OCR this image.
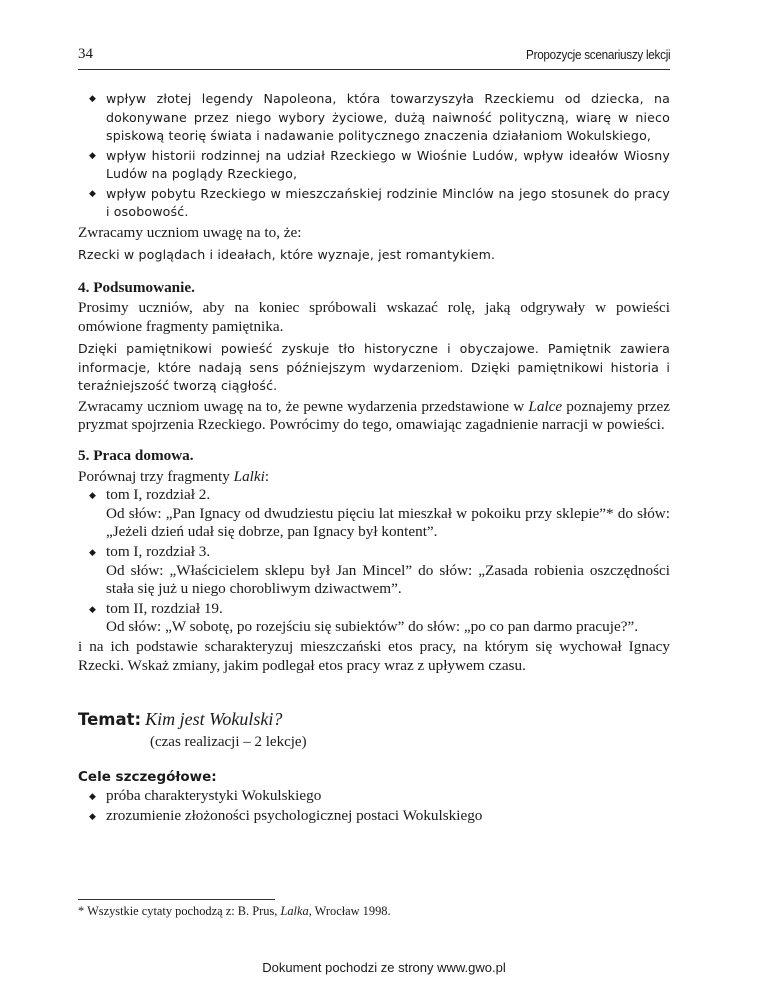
34	Propozycje scenariuszy lekcji
◆ wpływ złotej legendy Napoleona, która towarzyszyła Rzeckiemu od dziecka, na dokonywane przez niego wybory życiowe, dużą naiwność polityczną, wiarę w nieco spiskową teorię świata i nadawanie politycznego znaczenia działaniom Wokulskiego,
◆ wpływ historii rodzinnej na udział Rzeckiego w Wiośnie Ludów, wpływ ideałów Wiosny Ludów na poglądy Rzeckiego,
◆ wpływ pobytu Rzeckiego w mieszczańskiej rodzinie Minclów na jego stosunek do pracy i osobowość.

Zwracamy uczniom uwagę na to, że:

Rzecki w poglądach i ideałach, które wyznaje, jest romantykiem.

4. Podsumowanie.

Prosimy uczniów, aby na koniec spróbowali wskazać rolę, jaką odgrywały w powieści omówione fragmenty pamiętnika.

Dzięki pamiętnikowi powieść zyskuje tło historyczne i obyczajowe. Pamiętnik zawiera informacje, które nadają sens późniejszym wydarzeniom. Dzięki pamiętnikowi historia i teraźniejszość tworzą ciągłość.

Zwracamy uczniom uwagę na to, że pewne wydarzenia przedstawione w Lalce poznajemy przez pryzmat spojrzenia Rzeckiego. Powrócimy do tego, omawiając zagadnienie narracji w powieści.

5. Praca domowa.

Porównaj trzy fragmenty Lalki:

◆ tom I, rozdział 2.
Od słów: „Pan Ignacy od dwudziestu pięciu lat mieszkał w pokoiku przy sklepie”* do słów: „Jeżeli dzień udał się dobrze, pan Ignacy był kontent”.
◆ tom I, rozdział 3.
Od słów: „Właścicielem sklepu był Jan Mincel” do słów: „Zasada robienia oszczędności stała się już u niego chorobliwym dziwactwem”.
◆ tom II, rozdział 19.
Od słów: „W sobotę, po rozejściu się subiektów” do słów: „po co pan darmo pracuje?”.

i na ich podstawie scharakteryzuj mieszczański etos pracy, na którym się wychował Ignacy Rzecki. Wskaż zmiany, jakim podlegał etos pracy wraz z upływem czasu.

Temat: Kim jest Wokulski?
(czas realizacji – 2 lekcje)
Cele szczegółowe:
◆ próba charakterystyki Wokulskiego
◆ zrozumienie złożoności psychologicznej postaci Wokulskiego
* Wszystkie cytaty pochodzą z: B. Prus, Lalka, Wrocław 1998.
Dokument pochodzi ze strony www.gwo.pl
